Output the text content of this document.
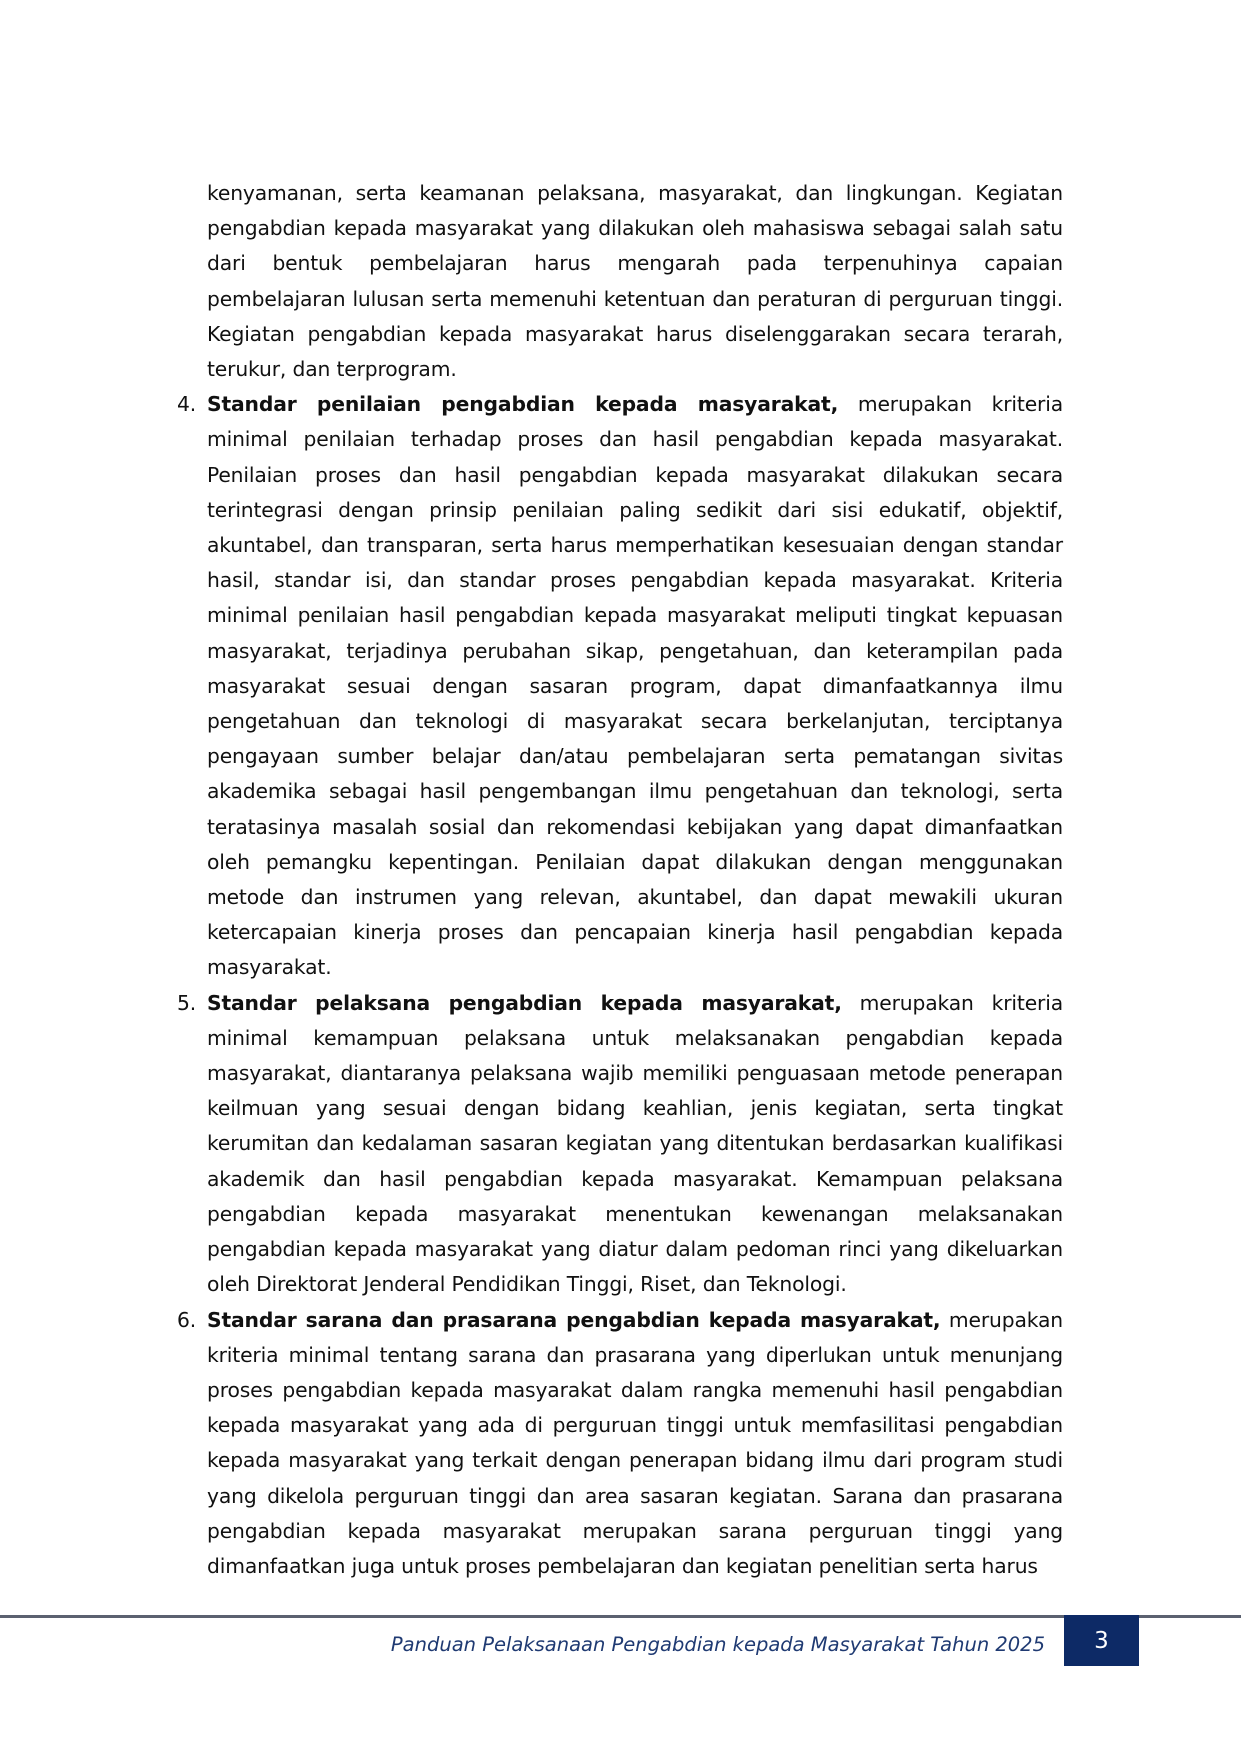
kenyamanan, serta keamanan pelaksana, masyarakat, dan lingkungan. Kegiatan pengabdian kepada masyarakat yang dilakukan oleh mahasiswa sebagai salah satu dari bentuk pembelajaran harus mengarah pada terpenuhinya capaian pembelajaran lulusan serta memenuhi ketentuan dan peraturan di perguruan tinggi. Kegiatan pengabdian kepada masyarakat harus diselenggarakan secara terarah, terukur, dan terprogram.

4. Standar penilaian pengabdian kepada masyarakat, merupakan kriteria minimal penilaian terhadap proses dan hasil pengabdian kepada masyarakat. Penilaian proses dan hasil pengabdian kepada masyarakat dilakukan secara terintegrasi dengan prinsip penilaian paling sedikit dari sisi edukatif, objektif, akuntabel, dan transparan, serta harus memperhatikan kesesuaian dengan standar hasil, standar isi, dan standar proses pengabdian kepada masyarakat. Kriteria minimal penilaian hasil pengabdian kepada masyarakat meliputi tingkat kepuasan masyarakat, terjadinya perubahan sikap, pengetahuan, dan keterampilan pada masyarakat sesuai dengan sasaran program, dapat dimanfaatkannya ilmu pengetahuan dan teknologi di masyarakat secara berkelanjutan, terciptanya pengayaan sumber belajar dan/atau pembelajaran serta pematangan sivitas akademika sebagai hasil pengembangan ilmu pengetahuan dan teknologi, serta teratasinya masalah sosial dan rekomendasi kebijakan yang dapat dimanfaatkan oleh pemangku kepentingan. Penilaian dapat dilakukan dengan menggunakan metode dan instrumen yang relevan, akuntabel, dan dapat mewakili ukuran ketercapaian kinerja proses dan pencapaian kinerja hasil pengabdian kepada masyarakat.

5. Standar pelaksana pengabdian kepada masyarakat, merupakan kriteria minimal kemampuan pelaksana untuk melaksanakan pengabdian kepada masyarakat, diantaranya pelaksana wajib memiliki penguasaan metode penerapan keilmuan yang sesuai dengan bidang keahlian, jenis kegiatan, serta tingkat kerumitan dan kedalaman sasaran kegiatan yang ditentukan berdasarkan kualifikasi akademik dan hasil pengabdian kepada masyarakat. Kemampuan pelaksana pengabdian kepada masyarakat menentukan kewenangan melaksanakan pengabdian kepada masyarakat yang diatur dalam pedoman rinci yang dikeluarkan oleh Direktorat Jenderal Pendidikan Tinggi, Riset, dan Teknologi.

6. Standar sarana dan prasarana pengabdian kepada masyarakat, merupakan kriteria minimal tentang sarana dan prasarana yang diperlukan untuk menunjang proses pengabdian kepada masyarakat dalam rangka memenuhi hasil pengabdian kepada masyarakat yang ada di perguruan tinggi untuk memfasilitasi pengabdian kepada masyarakat yang terkait dengan penerapan bidang ilmu dari program studi yang dikelola perguruan tinggi dan area sasaran kegiatan. Sarana dan prasarana pengabdian kepada masyarakat merupakan sarana perguruan tinggi yang dimanfaatkan juga untuk proses pembelajaran dan kegiatan penelitian serta harus

Panduan Pelaksanaan Pengabdian kepada Masyarakat Tahun 2025	3
